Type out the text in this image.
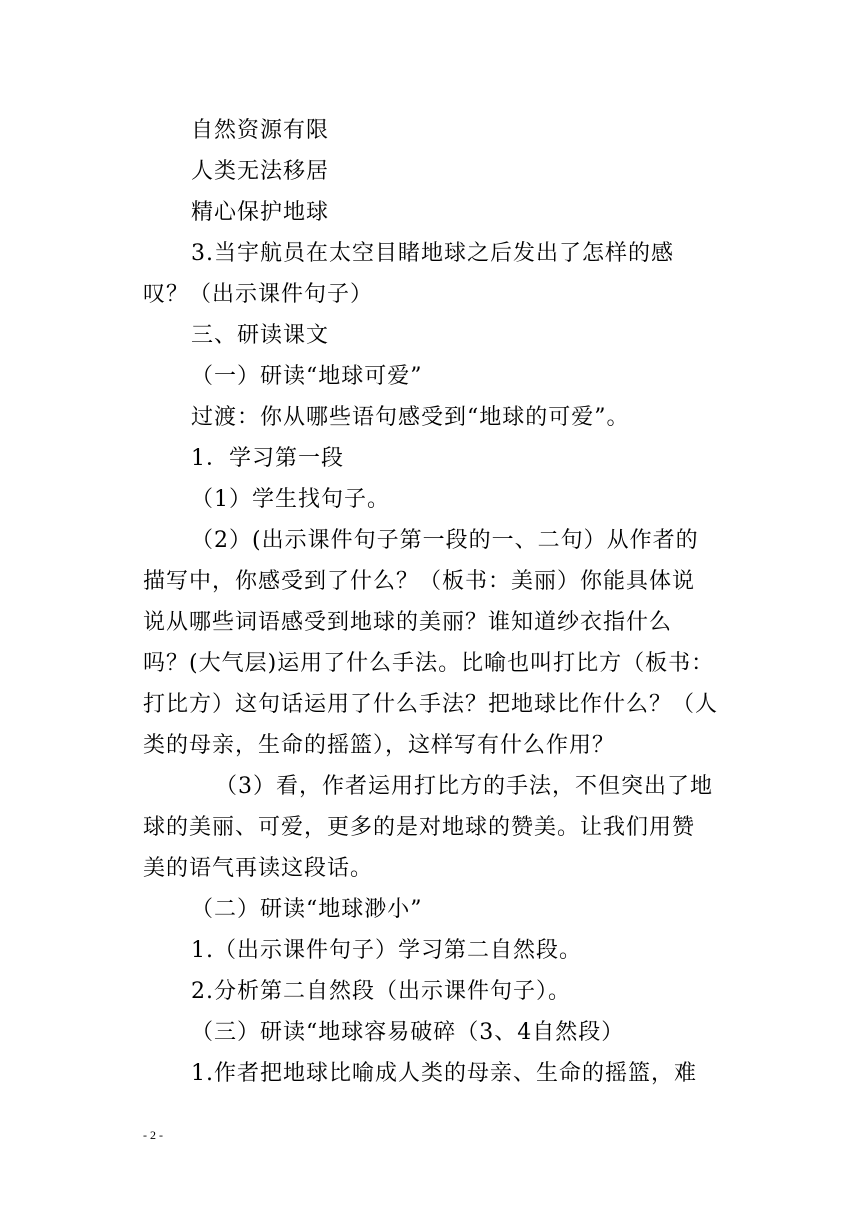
自然资源有限
人类无法移居
精心保护地球
3.当宇航员在太空目睹地球之后发出了怎样的感
叹？（出示课件句子）
三、研读课文
（一）研读“地球可爱”
过渡：你从哪些语句感受到“地球的可爱”。
1．学习第一段
（1）学生找句子。
（2）(出示课件句子第一段的一、二句）从作者的
描写中，你感受到了什么？（板书：美丽）你能具体说
说从哪些词语感受到地球的美丽？谁知道纱衣指什么
吗？(大气层)运用了什么手法。比喻也叫打比方（板书：
打比方）这句话运用了什么手法？把地球比作什么？（人
类的母亲，生命的摇篮），这样写有什么作用？
（3）看，作者运用打比方的手法，不但突出了地
球的美丽、可爱，更多的是对地球的赞美。让我们用赞
美的语气再读这段话。
（二）研读“地球渺小”
1.（出示课件句子）学习第二自然段。
2.分析第二自然段（出示课件句子）。
（三）研读“地球容易破碎（3、4自然段）
1.作者把地球比喻成人类的母亲、生命的摇篮，难
- 2 -
